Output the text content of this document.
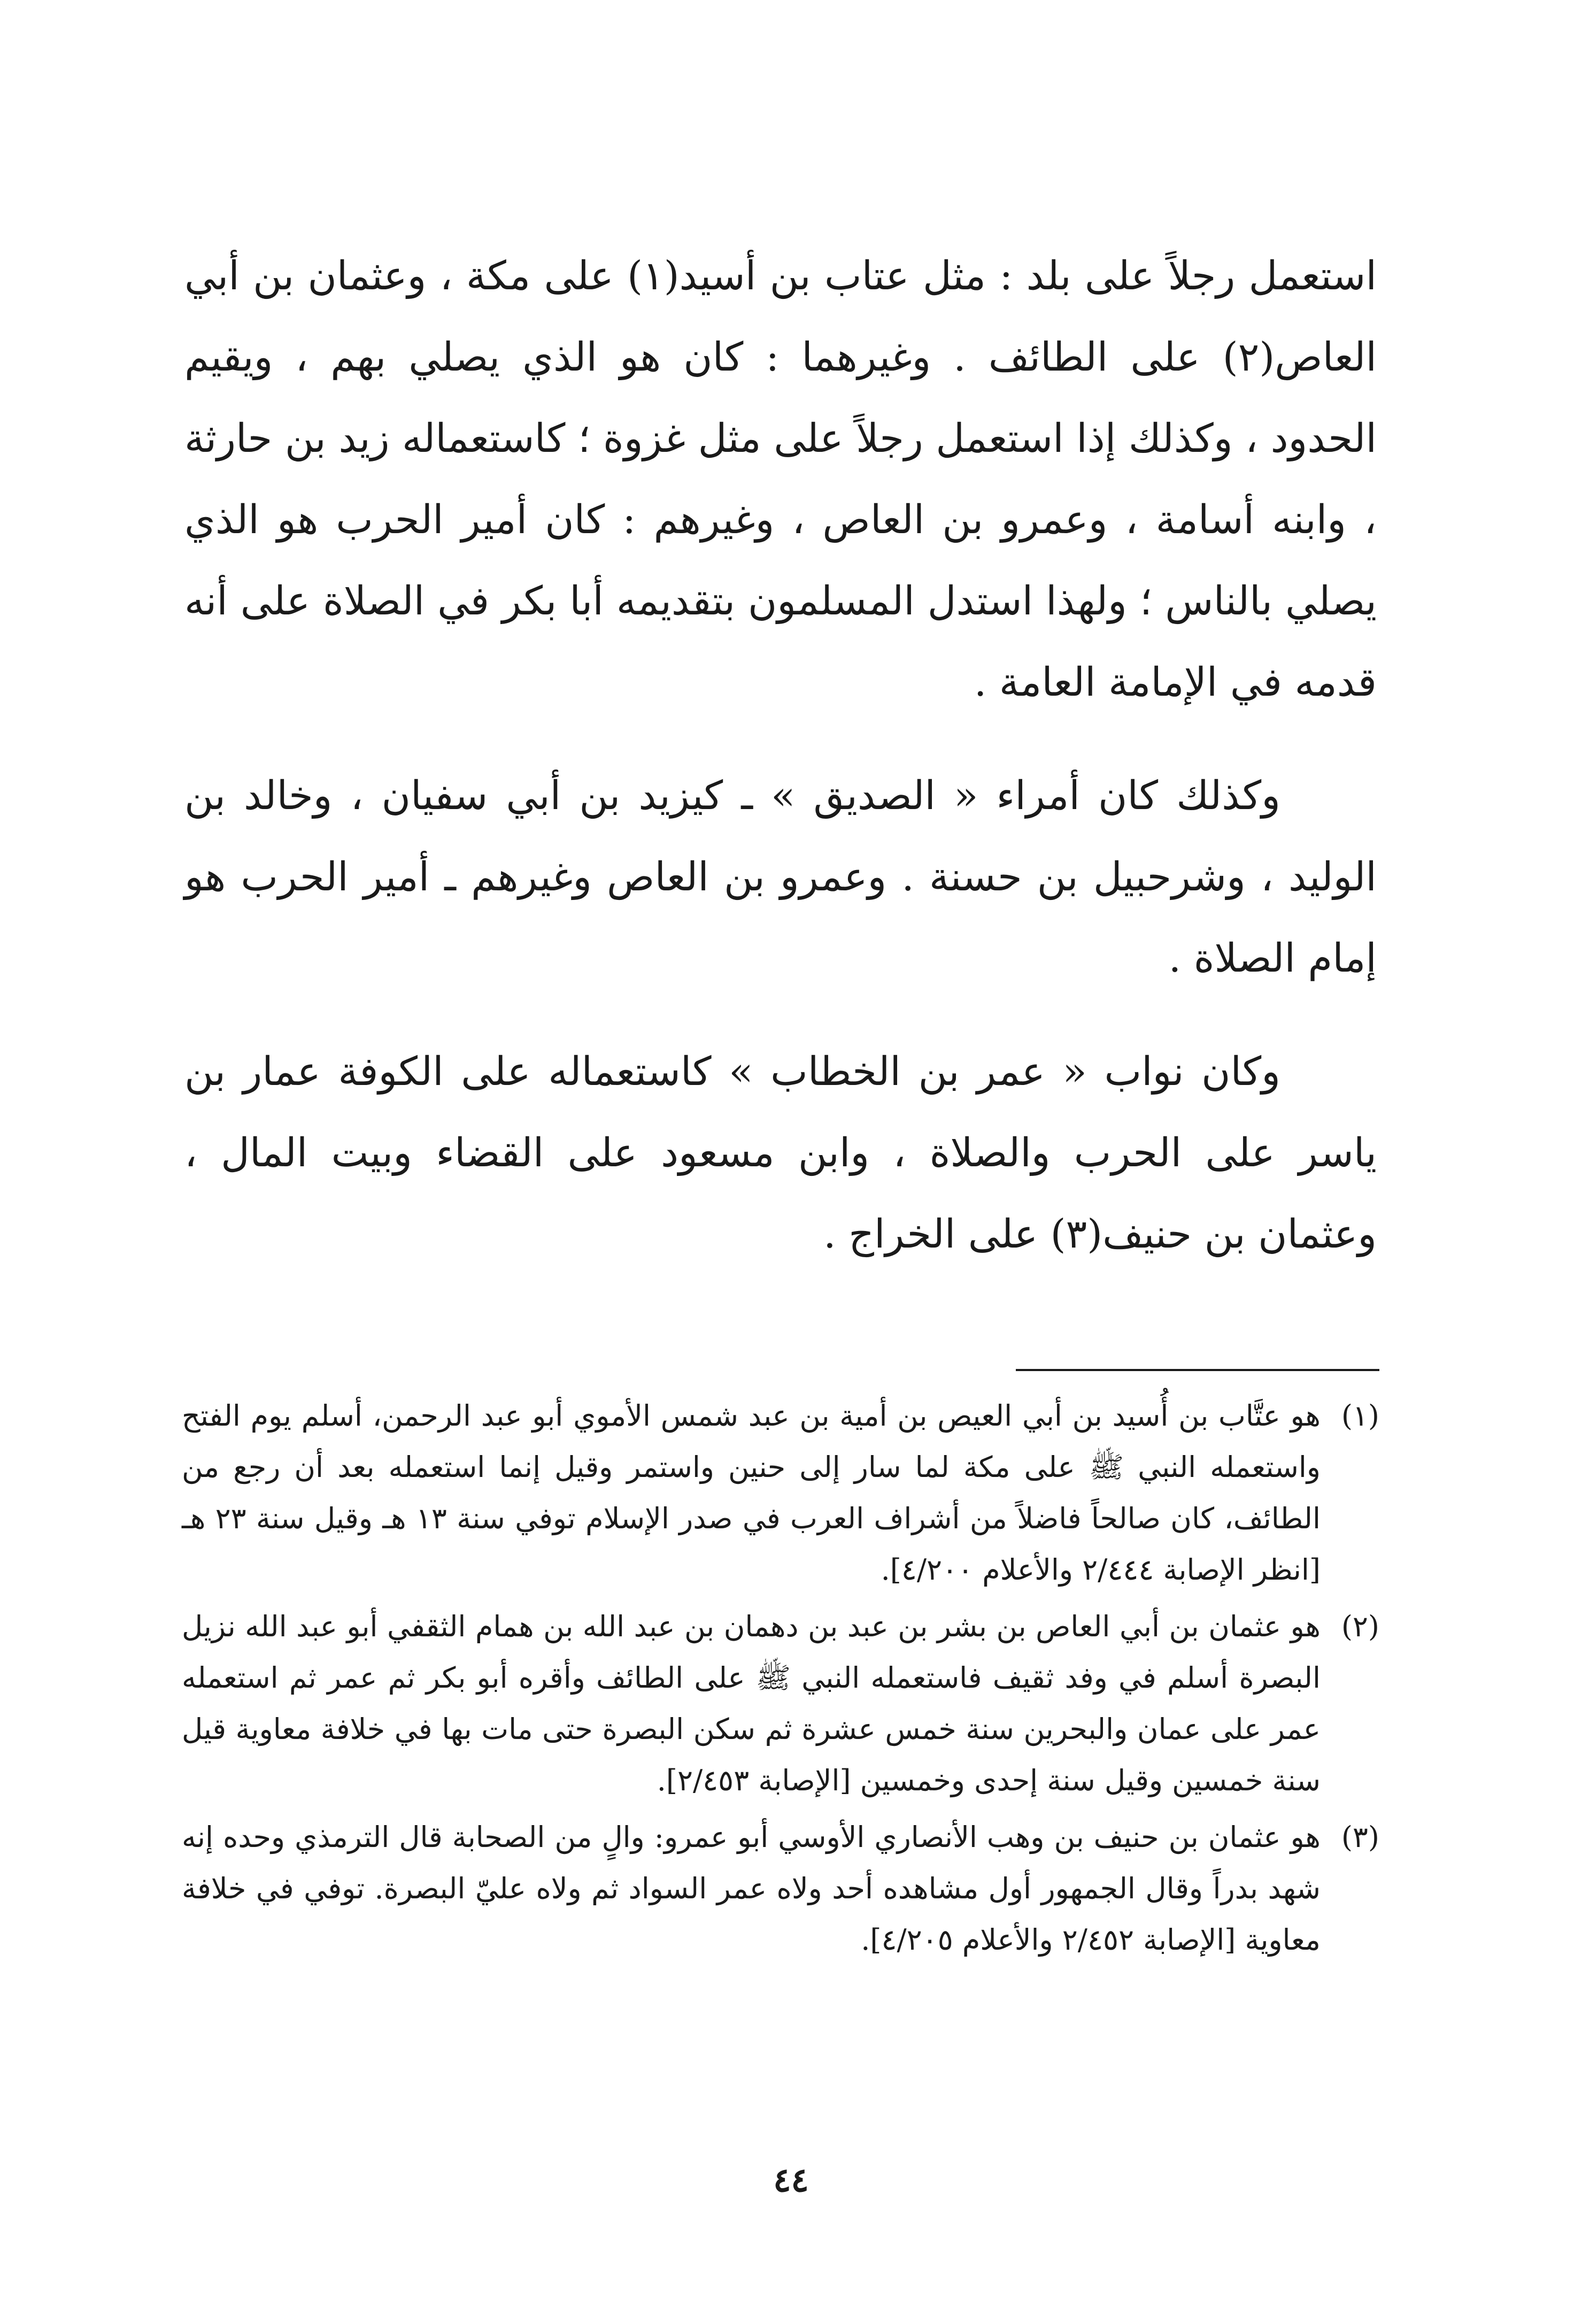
استعمل رجلاً على بلد : مثل عتاب بن أسيد(١) على مكة ، وعثمان بن أبي العاص(٢) على الطائف . وغيرهما : كان هو الذي يصلي بهم ، ويقيم الحدود ، وكذلك إذا استعمل رجلاً على مثل غزوة ؛ كاستعماله زيد بن حارثة ، وابنه أسامة ، وعمرو بن العاص ، وغيرهم : كان أمير الحرب هو الذي يصلي بالناس ؛ ولهذا استدل المسلمون بتقديمه أبا بكر في الصلاة على أنه قدمه في الإمامة العامة .

وكذلك كان أمراء « الصديق » ـ كيزيد بن أبي سفيان ، وخالد بن الوليد ، وشرحبيل بن حسنة . وعمرو بن العاص وغيرهم ـ أمير الحرب هو إمام الصلاة .

وكان نواب « عمر بن الخطاب » كاستعماله على الكوفة عمار بن ياسر على الحرب والصلاة ، وابن مسعود على القضاء وبيت المال ، وعثمان بن حنيف(٣) على الخراج .

(١)
هو عتَّاب بن أُسيد بن أبي العيص بن أمية بن عبد شمس الأموي أبو عبد الرحمن، أسلم يوم الفتح واستعمله النبي ﷺ على مكة لما سار إلى حنين واستمر وقيل إنما استعمله بعد أن رجع من الطائف، كان صالحاً فاضلاً من أشراف العرب في صدر الإسلام توفي سنة ١٣ هـ وقيل سنة ٢٣ هـ [انظر الإصابة ٢/٤٤٤ والأعلام ٤/٢٠٠].
(٢)
هو عثمان بن أبي العاص بن بشر بن عبد بن دهمان بن عبد الله بن همام الثقفي أبو عبد الله نزيل البصرة أسلم في وفد ثقيف فاستعمله النبي ﷺ على الطائف وأقره أبو بكر ثم عمر ثم استعمله عمر على عمان والبحرين سنة خمس عشرة ثم سكن البصرة حتى مات بها في خلافة معاوية قيل سنة خمسين وقيل سنة إحدى وخمسين [الإصابة ٢/٤٥٣].
(٣)
هو عثمان بن حنيف بن وهب الأنصاري الأوسي أبو عمرو: والٍ من الصحابة قال الترمذي وحده إنه شهد بدراً وقال الجمهور أول مشاهده أحد ولاه عمر السواد ثم ولاه عليّ البصرة. توفي في خلافة معاوية [الإصابة ٢/٤٥٢ والأعلام ٤/٢٠٥].
٤٤
